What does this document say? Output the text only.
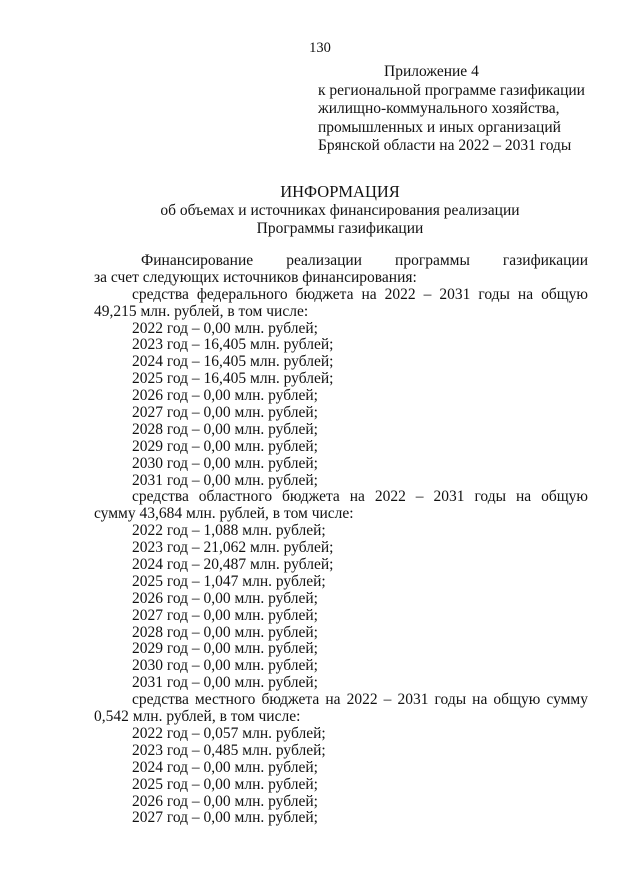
130
Приложение 4
к региональной программе газификации
жилищно-коммунального хозяйства,
промышленных и иных организаций
Брянской области на 2022 – 2031 годы
ИНФОРМАЦИЯ
об объемах и источниках финансирования реализации
Программы газификации
Финансирование реализации программы газификации
за счет следующих источников финансирования:
средства федерального бюджета на 2022 – 2031 годы на общую
49,215 млн. рублей, в том числе:
2022 год – 0,00 млн. рублей;
2023 год – 16,405 млн. рублей;
2024 год – 16,405 млн. рублей;
2025 год – 16,405 млн. рублей;
2026 год – 0,00 млн. рублей;
2027 год – 0,00 млн. рублей;
2028 год – 0,00 млн. рублей;
2029 год – 0,00 млн. рублей;
2030 год – 0,00 млн. рублей;
2031 год – 0,00 млн. рублей;
средства областного бюджета на 2022 – 2031 годы на общую
сумму 43,684 млн. рублей, в том числе:
2022 год – 1,088 млн. рублей;
2023 год – 21,062 млн. рублей;
2024 год – 20,487 млн. рублей;
2025 год – 1,047 млн. рублей;
2026 год – 0,00 млн. рублей;
2027 год – 0,00 млн. рублей;
2028 год – 0,00 млн. рублей;
2029 год – 0,00 млн. рублей;
2030 год – 0,00 млн. рублей;
2031 год – 0,00 млн. рублей;
средства местного бюджета на 2022 – 2031 годы на общую сумму
0,542 млн. рублей, в том числе:
2022 год – 0,057 млн. рублей;
2023 год – 0,485 млн. рублей;
2024 год – 0,00 млн. рублей;
2025 год – 0,00 млн. рублей;
2026 год – 0,00 млн. рублей;
2027 год – 0,00 млн. рублей;
